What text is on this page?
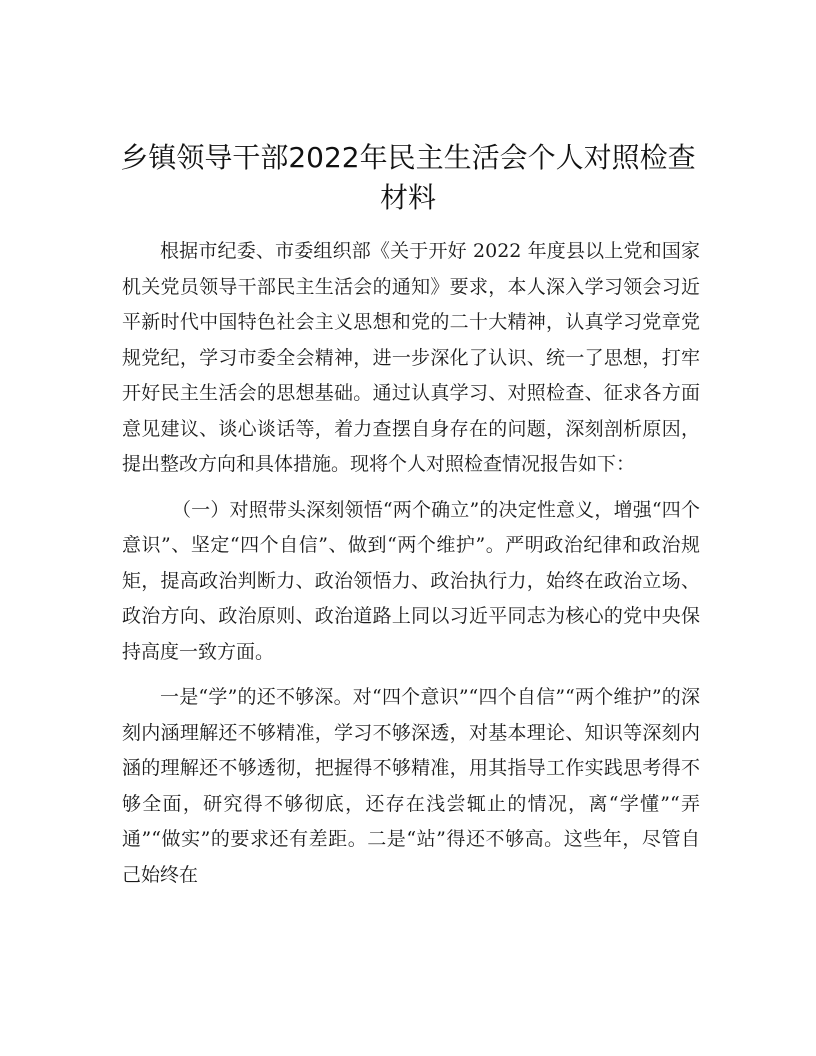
乡镇领导干部2022年民主生活会个人对照检查
材料

根据市纪委、市委组织部《关于开好 2022 年度县以上党和国家机关党员领导干部民主生活会的通知》要求，本人深入学习领会习近平新时代中国特色社会主义思想和党的二十大精神，认真学习党章党规党纪，学习市委全会精神，进一步深化了认识、统一了思想，打牢开好民主生活会的思想基础。通过认真学习、对照检查、征求各方面意见建议、谈心谈话等，着力查摆自身存在的问题，深刻剖析原因，提出整改方向和具体措施。现将个人对照检查情况报告如下：

（一）对照带头深刻领悟“两个确立”的决定性意义，增强“四个意识”、坚定“四个自信”、做到“两个维护”。严明政治纪律和政治规矩，提高政治判断力、政治领悟力、政治执行力，始终在政治立场、政治方向、政治原则、政治道路上同以习近平同志为核心的党中央保持高度一致方面。

一是“学”的还不够深。对“四个意识”“四个自信”“两个维护”的深刻内涵理解还不够精准，学习不够深透，对基本理论、知识等深刻内涵的理解还不够透彻，把握得不够精准，用其指导工作实践思考得不够全面，研究得不够彻底，还存在浅尝辄止的情况，离“学懂”“弄通”“做实”的要求还有差距。二是“站”得还不够高。这些年，尽管自己始终在
